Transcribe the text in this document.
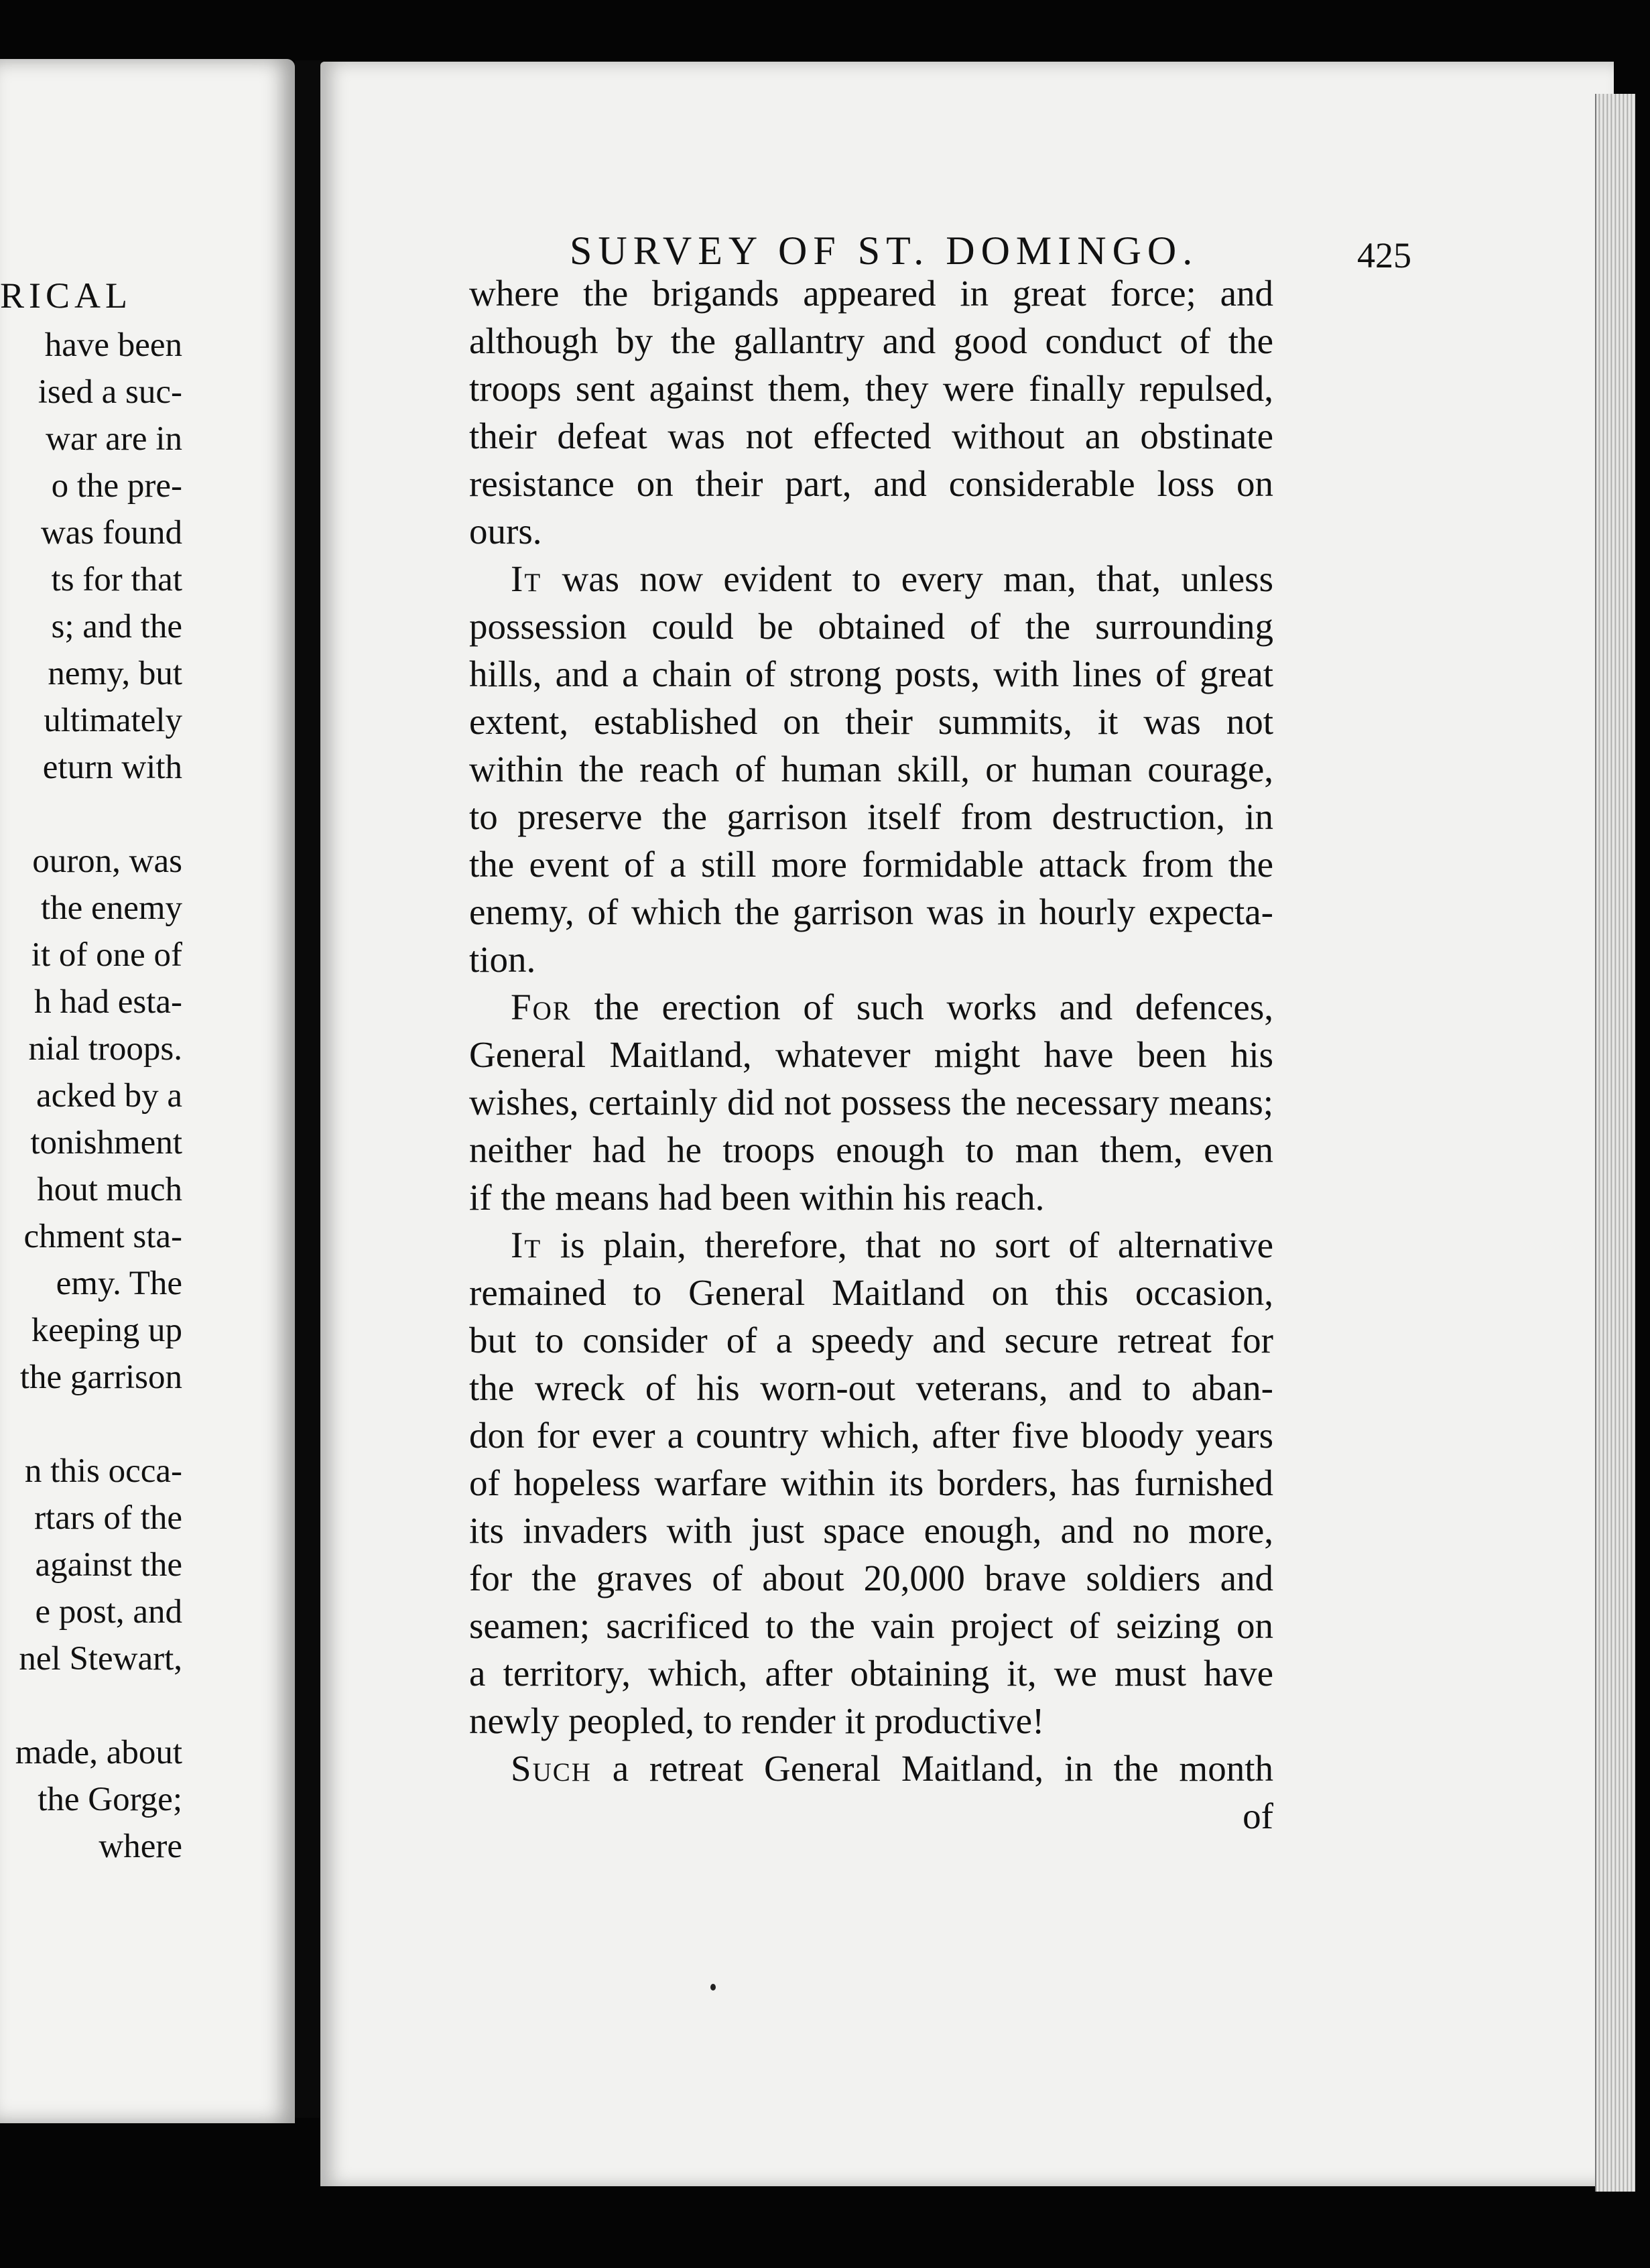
RICAL
have been
ised a suc-
war are in
o the pre-
was found
ts for that
s; and the
nemy, but
ultimately
eturn with
ouron, was
the enemy
it of one of
h had esta-
nial troops.
acked by a
tonishment
hout much
chment sta-
emy. The
keeping up
the garrison
n this occa-
rtars of the
against the
e post, and
nel Stewart,
made, about
the Gorge;
where
SURVEY OF ST. DOMINGO.	425
where the brigands appeared in great force; and
although by the gallantry and good conduct of the
troops sent against them, they were finally repulsed,
their defeat was not effected without an obstinate
resistance on their part, and considerable loss on
ours.
It was now evident to every man, that, unless
possession could be obtained of the surrounding
hills, and a chain of strong posts, with lines of great
extent, established on their summits, it was not
within the reach of human skill, or human courage,
to preserve the garrison itself from destruction, in
the event of a still more formidable attack from the
enemy, of which the garrison was in hourly expecta-
tion.
For the erection of such works and defences,
General Maitland, whatever might have been his
wishes, certainly did not possess the necessary means;
neither had he troops enough to man them, even
if the means had been within his reach.
It is plain, therefore, that no sort of alternative
remained to General Maitland on this occasion,
but to consider of a speedy and secure retreat for
the wreck of his worn-out veterans, and to aban-
don for ever a country which, after five bloody years
of hopeless warfare within its borders, has furnished
its invaders with just space enough, and no more,
for the graves of about 20,000 brave soldiers and
seamen; sacrificed to the vain project of seizing on
a territory, which, after obtaining it, we must have
newly peopled, to render it productive!
Such a retreat General Maitland, in the month
of
